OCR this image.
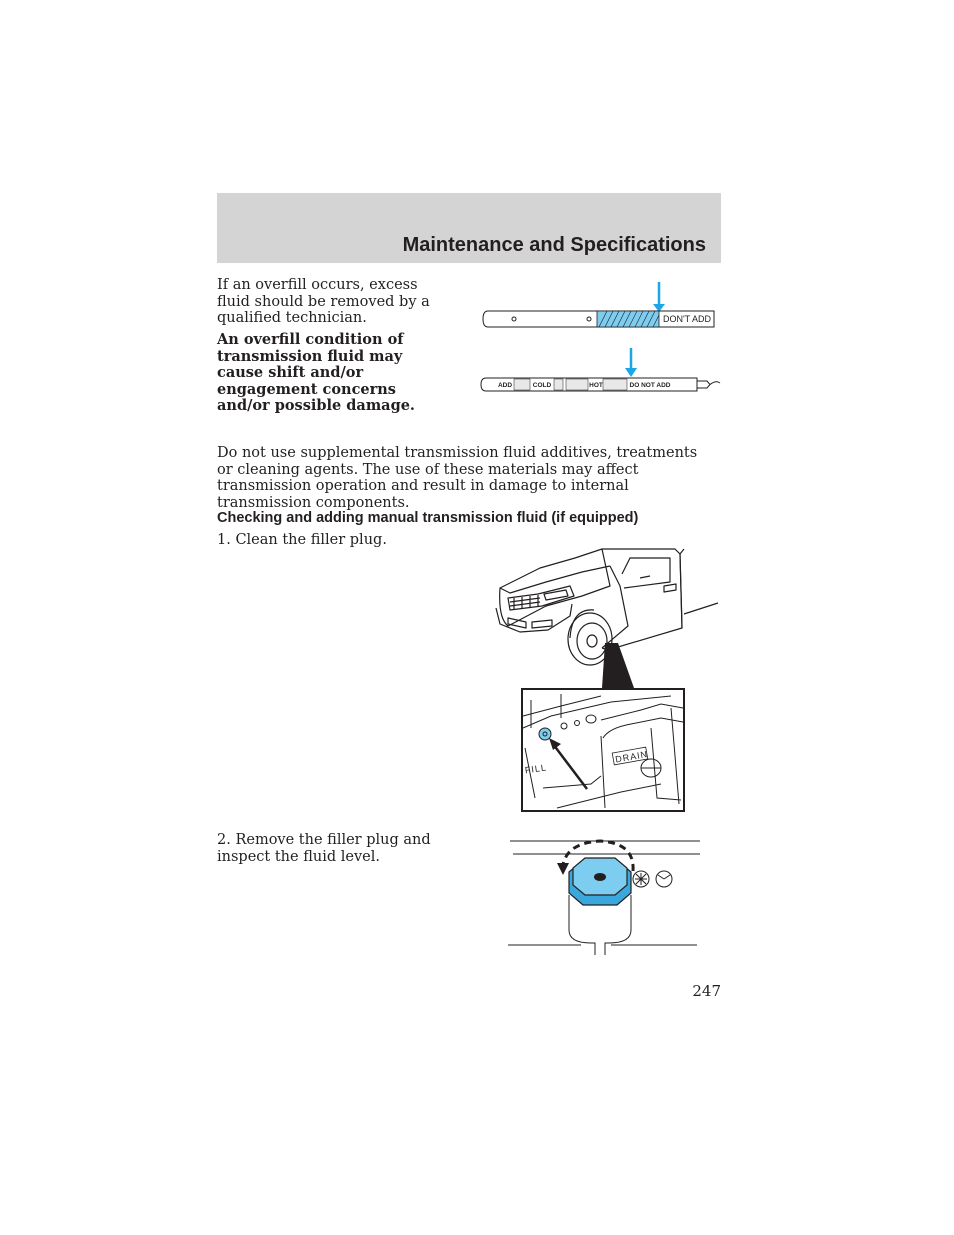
Maintenance and Specifications
If an overfill occurs, excess fluid should be removed by a qualified technician.
An overfill condition of transmission fluid may cause shift and/or engagement concerns and/or possible damage.
DON'T ADD
ADD	COLD	HOT	DO NOT ADD
Do not use supplemental transmission fluid additives, treatments or cleaning agents. The use of these materials may affect transmission operation and result in damage to internal transmission components.
Checking and adding manual transmission fluid (if equipped)
1. Clean the filler plug.
DRAIN
FILL
2. Remove the filler plug and inspect the fluid level.
247
